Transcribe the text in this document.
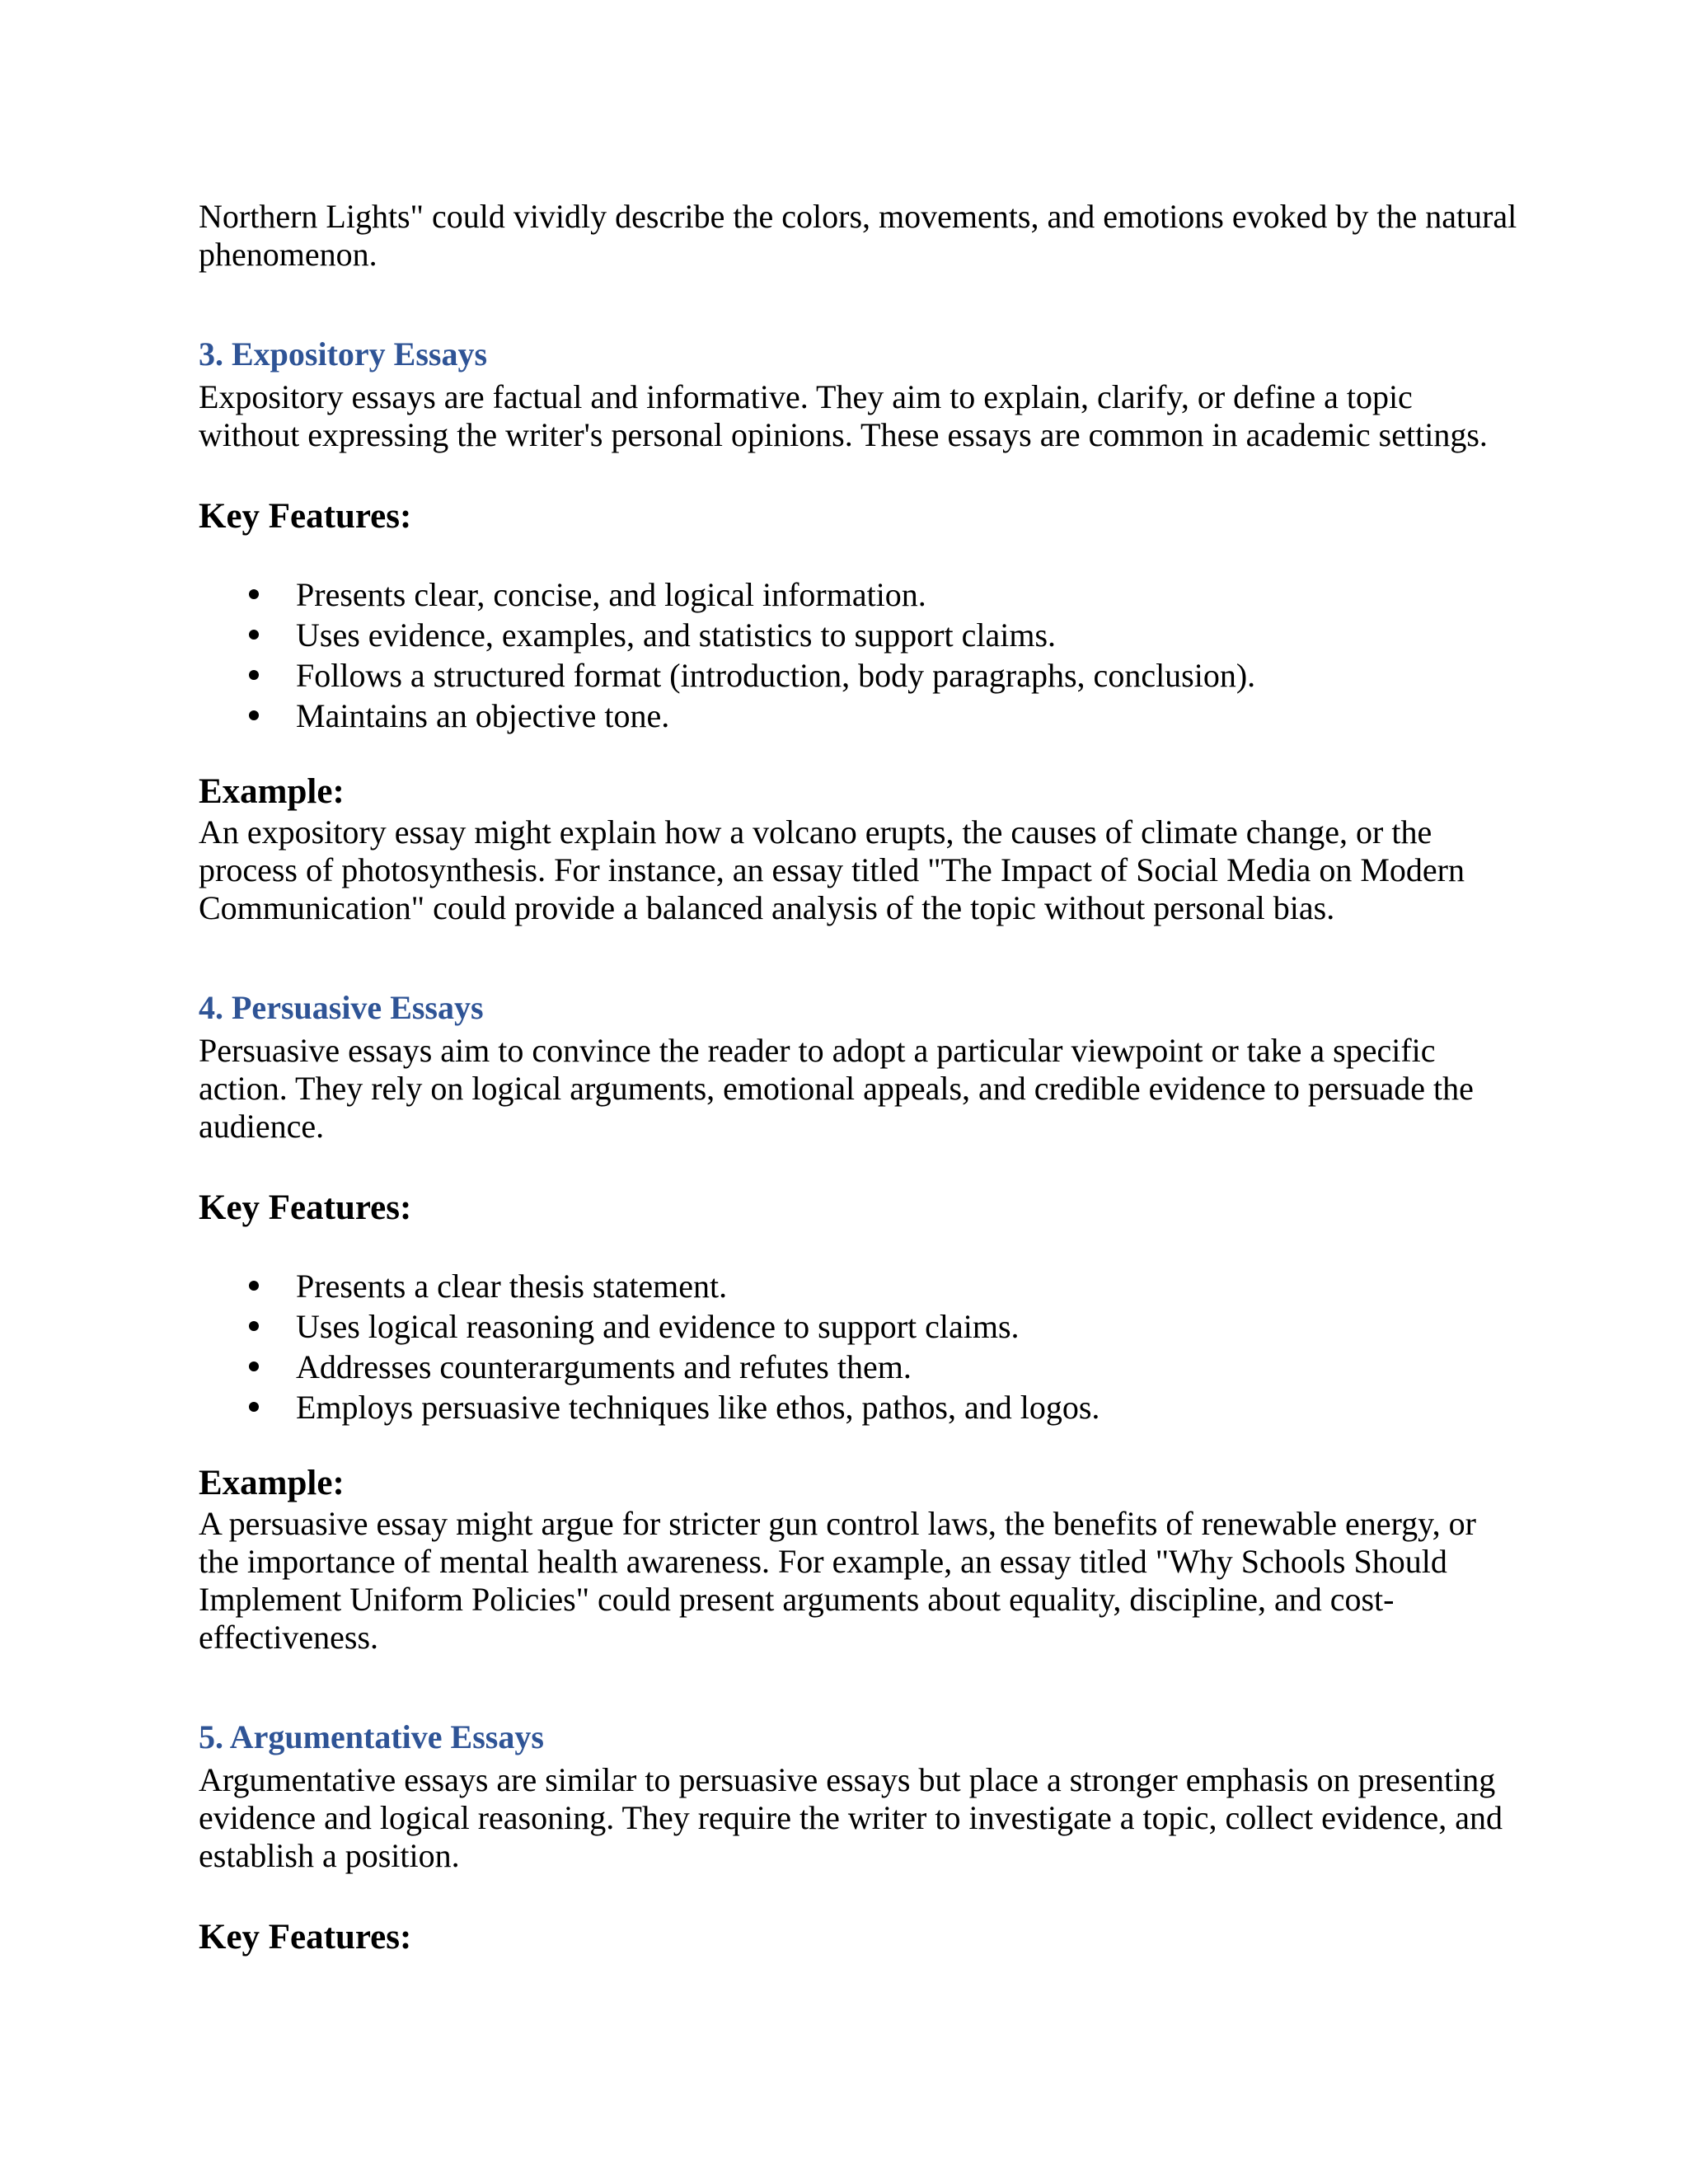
Northern Lights" could vividly describe the colors, movements, and emotions evoked by the natural phenomenon.

3. Expository Essays

Expository essays are factual and informative. They aim to explain, clarify, or define a topic without expressing the writer's personal opinions. These essays are common in academic settings.

Key Features:
Presents clear, concise, and logical information.
Uses evidence, examples, and statistics to support claims.
Follows a structured format (introduction, body paragraphs, conclusion).
Maintains an objective tone.
Example:

An expository essay might explain how a volcano erupts, the causes of climate change, or the process of photosynthesis. For instance, an essay titled "The Impact of Social Media on Modern Communication" could provide a balanced analysis of the topic without personal bias.

4. Persuasive Essays

Persuasive essays aim to convince the reader to adopt a particular viewpoint or take a specific action. They rely on logical arguments, emotional appeals, and credible evidence to persuade the audience.

Key Features:
Presents a clear thesis statement.
Uses logical reasoning and evidence to support claims.
Addresses counterarguments and refutes them.
Employs persuasive techniques like ethos, pathos, and logos.
Example:

A persuasive essay might argue for stricter gun control laws, the benefits of renewable energy, or the importance of mental health awareness. For example, an essay titled "Why Schools Should Implement Uniform Policies" could present arguments about equality, discipline, and cost-effectiveness.

5. Argumentative Essays

Argumentative essays are similar to persuasive essays but place a stronger emphasis on presenting evidence and logical reasoning. They require the writer to investigate a topic, collect evidence, and establish a position.

Key Features:
